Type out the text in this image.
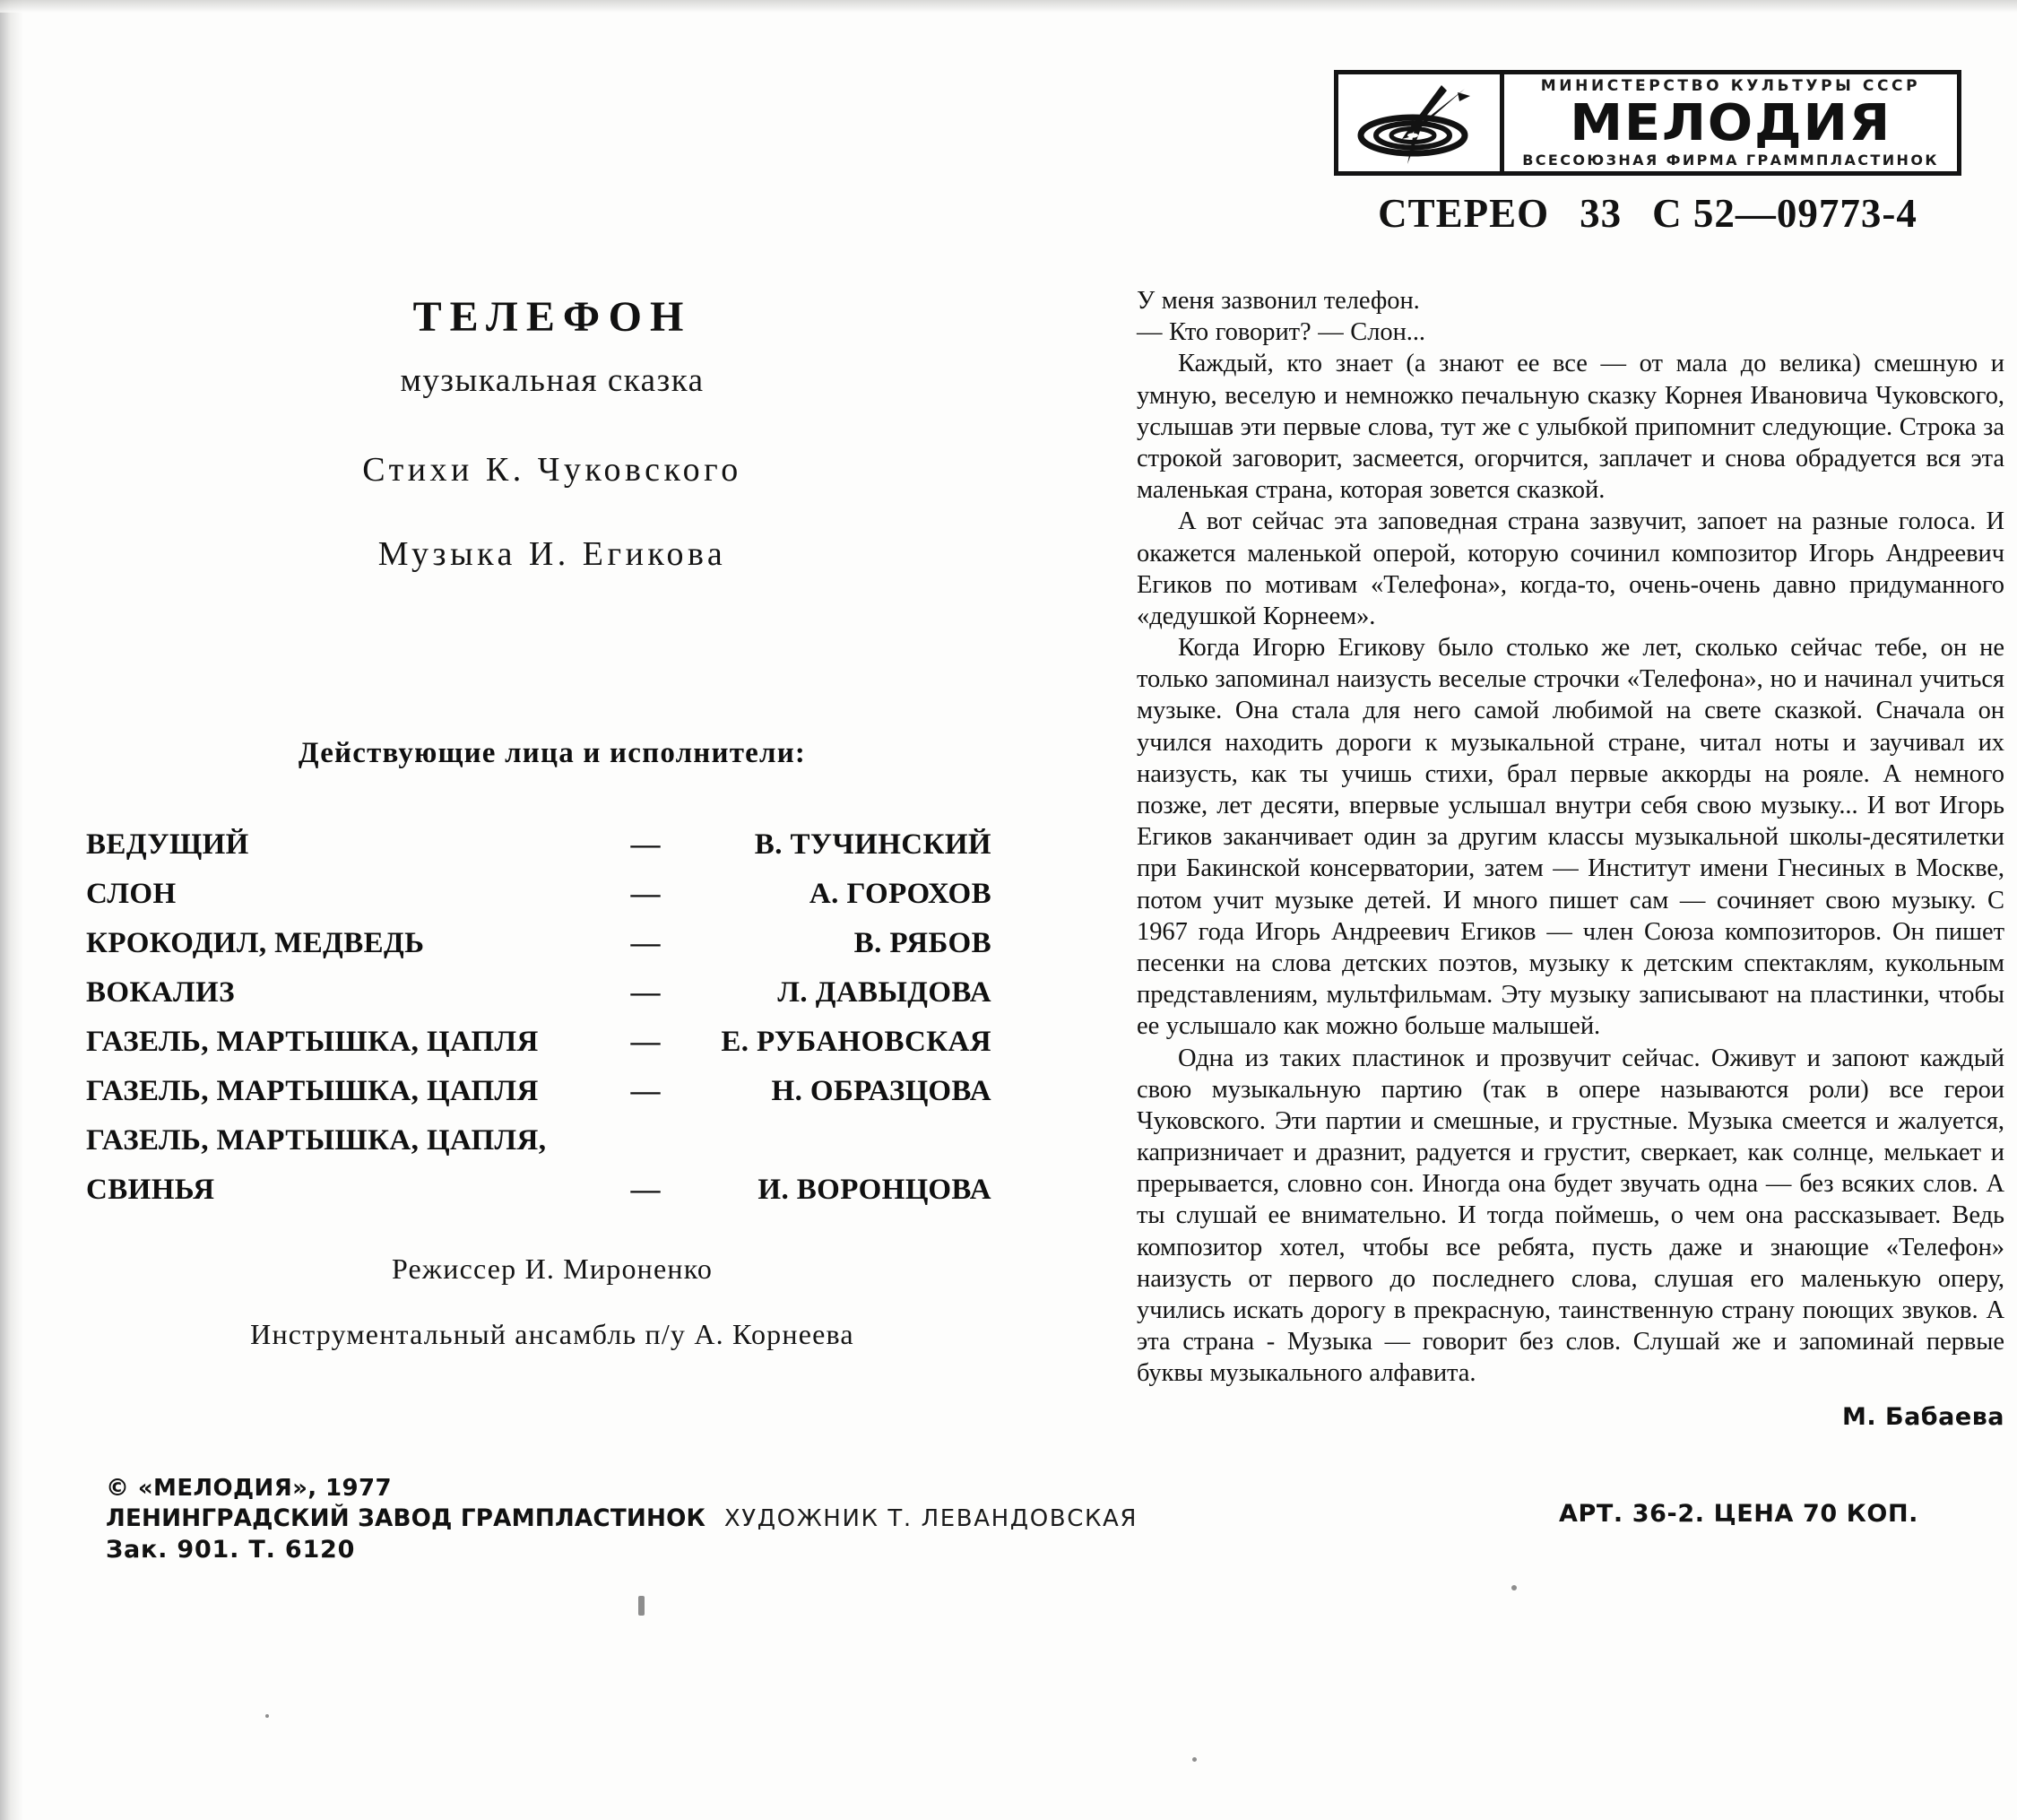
МИНИСТЕРСТВО КУЛЬТУРЫ СССР
МЕЛОДИЯ
ВСЕСОЮЗНАЯ ФИРМА ГРАММПЛАСТИНОК
СТЕРЕО 33 С 52—09773-4
ТЕЛЕФОН
музыкальная сказка
Стихи К. Чуковского
Музыка И. Егикова
Действующие лица и исполнители:
ВЕДУЩИЙ	—	В. ТУЧИНСКИЙ
СЛОН	—	А. ГОРОХОВ
КРОКОДИЛ, МЕДВЕДЬ	—	В. РЯБОВ
ВОКАЛИЗ	—	Л. ДАВЫДОВА
ГАЗЕЛЬ, МАРТЫШКА, ЦАПЛЯ	—	Е. РУБАНОВСКАЯ
ГАЗЕЛЬ, МАРТЫШКА, ЦАПЛЯ	—	Н. ОБРАЗЦОВА
ГАЗЕЛЬ, МАРТЫШКА, ЦАПЛЯ,		
СВИНЬЯ	—	И. ВОРОНЦОВА
Режиссер И. Мироненко
Инструментальный ансамбль п/у А. Корнеева

У меня зазвонил телефон.

— Кто говорит? — Слон...

Каждый, кто знает (а знают ее все — от мала до велика) смешную и умную, веселую и немножко печальную сказку Корнея Ивановича Чуковского, услышав эти первые слова, тут же с улыбкой припомнит следующие. Строка за строкой заговорит, засмеется, огорчится, заплачет и снова обрадуется вся эта маленькая страна, которая зовется сказкой.

А вот сейчас эта заповедная страна зазвучит, запоет на разные голоса. И окажется маленькой оперой, которую сочинил композитор Игорь Андреевич Егиков по мотивам «Телефона», когда-то, очень-очень давно придуманного «дедушкой Корнеем».

Когда Игорю Егикову было столько же лет, сколько сейчас тебе, он не только запоминал наизусть веселые строчки «Телефона», но и начинал учиться музыке. Она стала для него самой любимой на свете сказкой. Сначала он учился находить дороги к музыкальной стране, читал ноты и заучивал их наизусть, как ты учишь стихи, брал первые аккорды на рояле. А немного позже, лет десяти, впервые услышал внутри себя свою музыку... И вот Игорь Егиков заканчивает один за другим классы музыкальной школы-десятилетки при Бакинской консерватории, затем — Институт имени Гнесиных в Москве, потом учит музыке детей. И много пишет сам — сочиняет свою музыку. С 1967 года Игорь Андреевич Егиков — член Союза композиторов. Он пишет песенки на слова детских поэтов, музыку к детским спектаклям, кукольным представлениям, мультфильмам. Эту музыку записывают на пластинки, чтобы ее услышало как можно больше малышей.

Одна из таких пластинок и прозвучит сейчас. Оживут и запоют каждый свою музыкальную партию (так в опере называются роли) все герои Чуковского. Эти партии и смешные, и грустные. Музыка смеется и жалуется, капризничает и дразнит, радуется и грустит, сверкает, как солнце, мелькает и прерывается, словно сон. Иногда она будет звучать одна — без всяких слов. А ты слушай ее внимательно. И тогда поймешь, о чем она рассказывает. Ведь композитор хотел, чтобы все ребята, пусть даже и знающие «Телефон» наизусть от первого до последнего слова, слушая его маленькую оперу, учились искать дорогу в прекрасную, таинственную страну поющих звуков. А эта страна - Музыка — говорит без слов. Слушай же и запоминай первые буквы музыкального алфавита.

М. Бабаева
© «МЕЛОДИЯ», 1977
ЛЕНИНГРАДСКИЙ ЗАВОД ГРАМПЛАСТИНОК ХУДОЖНИК Т. ЛЕВАНДОВСКАЯ
Зак. 901. Т. 6120
АРТ. 36-2. ЦЕНА 70 КОП.
